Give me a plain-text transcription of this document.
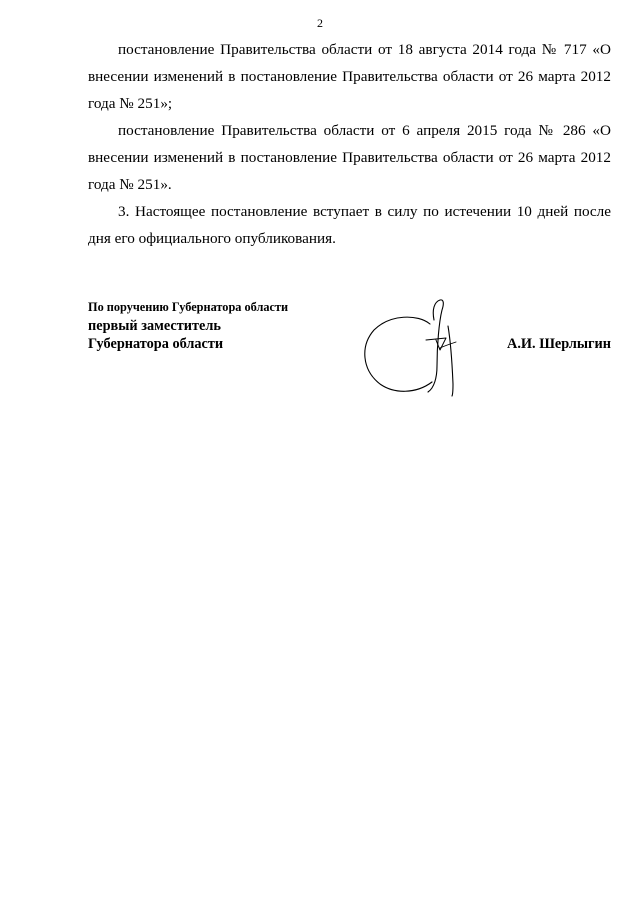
2

постановление Правительства области от 18 августа 2014 года № 717 «О внесении изменений в постановление Правительства области от 26 марта 2012 года № 251»;

постановление Правительства области от 6 апреля 2015 года № 286 «О внесении изменений в постановление Правительства области от 26 марта 2012 года № 251».

3. Настоящее постановление вступает в силу по истечении 10 дней после дня его официального опубликования.

По поручению Губернатора области
первый заместитель
Губернатора области	А.И. Шерлыгин
